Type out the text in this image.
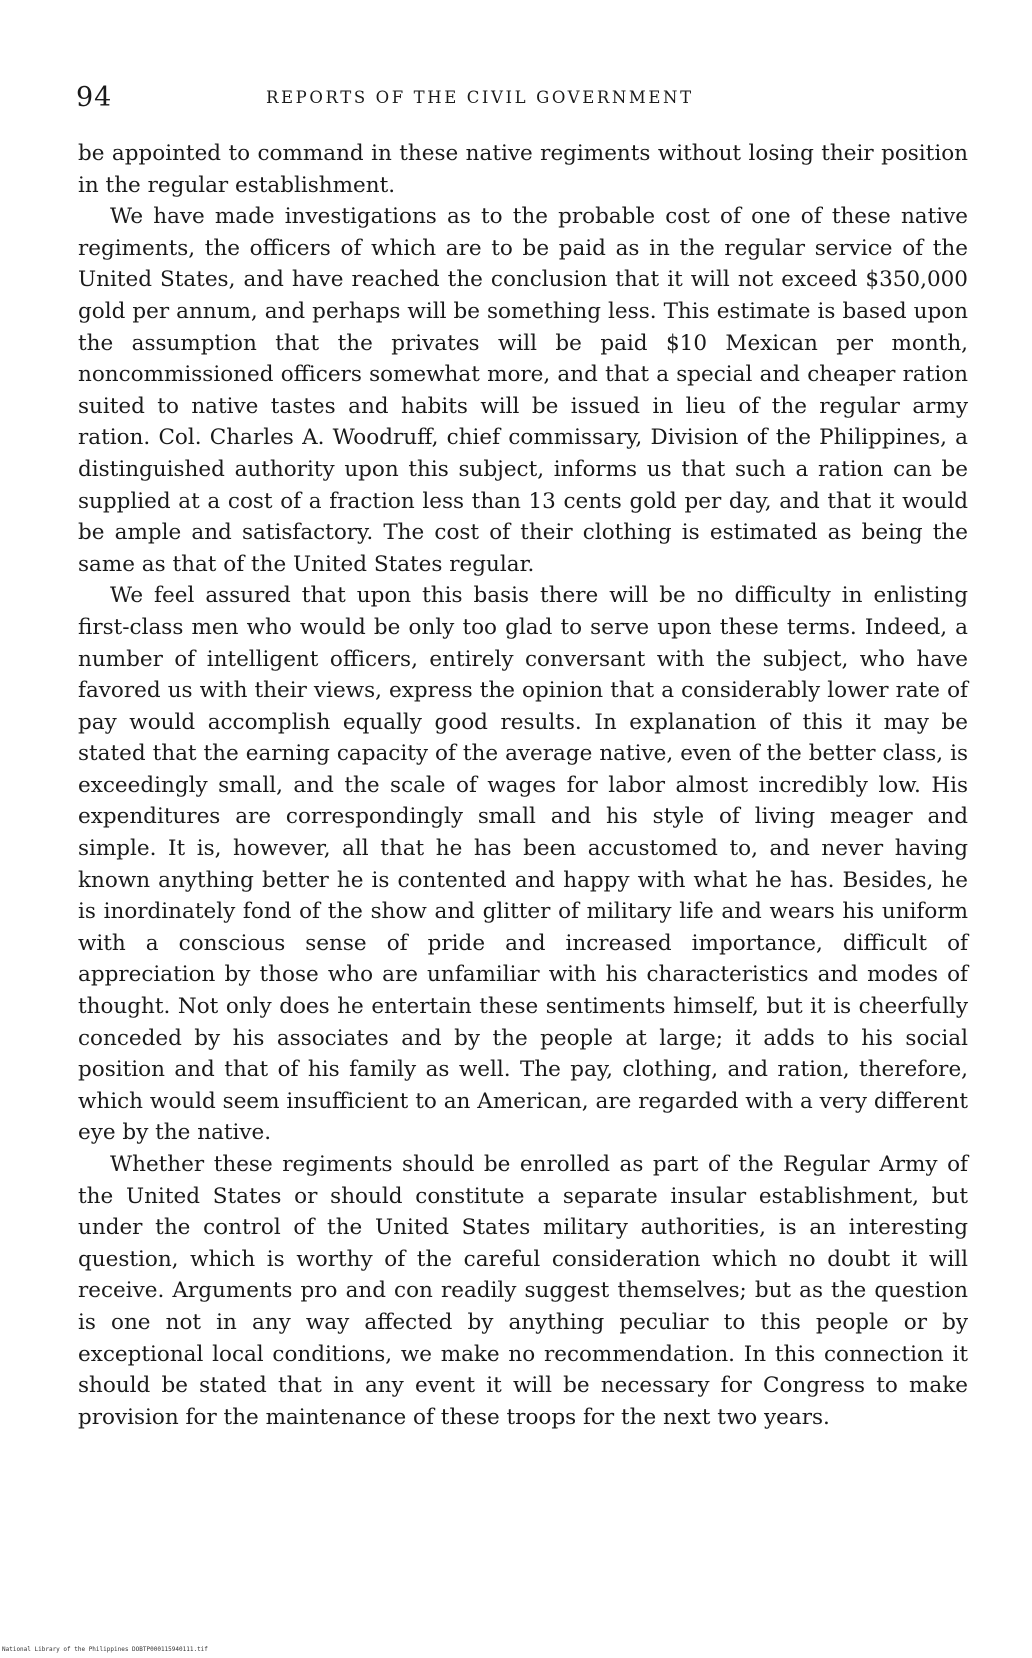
94	REPORTS OF THE CIVIL GOVERNMENT

be appointed to command in these native regiments without losing their position in the regular establishment.

We have made investigations as to the probable cost of one of these native regiments, the officers of which are to be paid as in the regular service of the United States, and have reached the conclusion that it will not exceed $350,000 gold per annum, and perhaps will be something less. This estimate is based upon the assumption that the privates will be paid $10 Mexican per month, noncommissioned officers somewhat more, and that a special and cheaper ration suited to native tastes and habits will be issued in lieu of the regular army ration. Col. Charles A. Woodruff, chief commissary, Division of the Philippines, a distinguished authority upon this subject, informs us that such a ration can be supplied at a cost of a fraction less than 13 cents gold per day, and that it would be ample and satisfactory. The cost of their clothing is estimated as being the same as that of the United States regular.

We feel assured that upon this basis there will be no difficulty in enlisting first-class men who would be only too glad to serve upon these terms. Indeed, a number of intelligent officers, entirely conversant with the subject, who have favored us with their views, express the opinion that a considerably lower rate of pay would accomplish equally good results. In explanation of this it may be stated that the earning capacity of the average native, even of the better class, is exceedingly small, and the scale of wages for labor almost incredibly low. His expenditures are correspondingly small and his style of living meager and simple. It is, however, all that he has been accustomed to, and never having known anything better he is contented and happy with what he has. Besides, he is inordinately fond of the show and glitter of military life and wears his uniform with a conscious sense of pride and increased importance, difficult of appreciation by those who are unfamiliar with his characteristics and modes of thought. Not only does he entertain these sentiments himself, but it is cheerfully conceded by his associates and by the people at large; it adds to his social position and that of his family as well. The pay, clothing, and ration, therefore, which would seem insufficient to an American, are regarded with a very different eye by the native.

Whether these regiments should be enrolled as part of the Regular Army of the United States or should constitute a separate insular establishment, but under the control of the United States military authorities, is an interesting question, which is worthy of the careful consideration which no doubt it will receive. Arguments pro and con readily suggest themselves; but as the question is one not in any way affected by anything peculiar to this people or by exceptional local conditions, we make no recommendation. In this connection it should be stated that in any event it will be necessary for Congress to make provision for the maintenance of these troops for the next two years.

National Library of the Philippines DOBTP000115940111.tif
